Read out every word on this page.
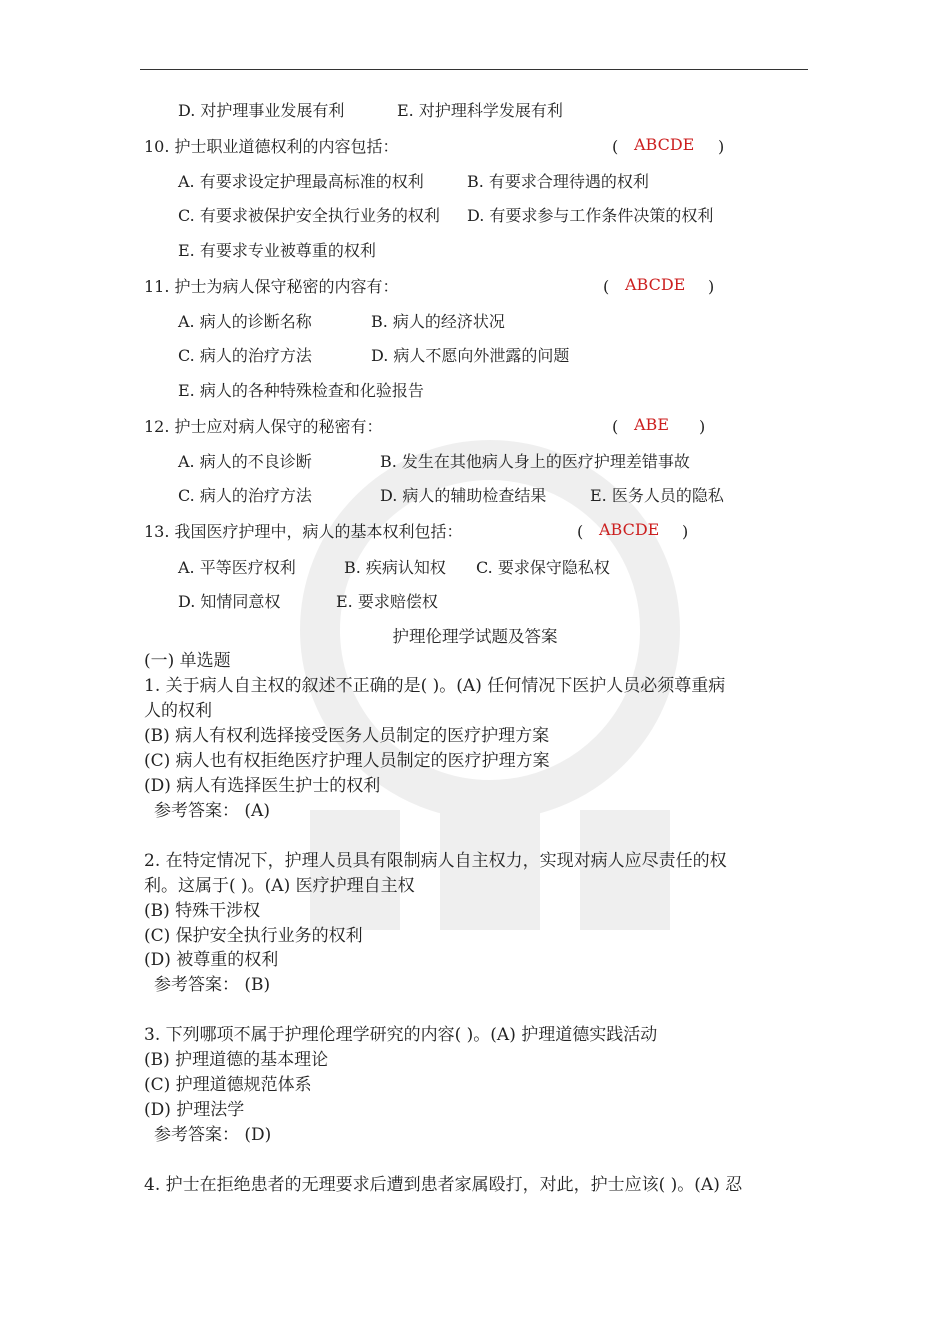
D. 对护理事业发展有利	E. 对护理科学发展有利
10. 护士职业道德权利的内容包括：	( ABCDE )
A. 有要求设定护理最高标准的权利	B. 有要求合理待遇的权利
C. 有要求被保护安全执行业务的权利 D. 有要求参与工作条件决策的权利
E. 有要求专业被尊重的权利
11. 护士为病人保守秘密的内容有：	( ABCDE )
A. 病人的诊断名称	B. 病人的经济状况
C. 病人的治疗方法	D. 病人不愿向外泄露的问题
E. 病人的各种特殊检查和化验报告
12. 护士应对病人保守的秘密有：	( ABE )
A. 病人的不良诊断	B. 发生在其他病人身上的医疗护理差错事故
C. 病人的治疗方法	D. 病人的辅助检查结果	E. 医务人员的隐私
13. 我国医疗护理中，病人的基本权利包括：	( ABCDE )
A. 平等医疗权利	B. 疾病认知权 C. 要求保守隐私权
D. 知情同意权	E. 要求赔偿权
护理伦理学试题及答案
(一) 单选题
1. 关于病人自主权的叙述不正确的是( )。(A) 任何情况下医护人员必须尊重病
人的权利
(B) 病人有权利选择接受医务人员制定的医疗护理方案
(C) 病人也有权拒绝医疗护理人员制定的医疗护理方案
(D) 病人有选择医生护士的权利
参考答案： (A)
2. 在特定情况下，护理人员具有限制病人自主权力，实现对病人应尽责任的权
利。这属于( )。(A) 医疗护理自主权
(B) 特殊干涉权
(C) 保护安全执行业务的权利
(D) 被尊重的权利
参考答案： (B)
3. 下列哪项不属于护理伦理学研究的内容( )。(A) 护理道德实践活动
(B) 护理道德的基本理论
(C) 护理道德规范体系
(D) 护理法学
参考答案： (D)
4. 护士在拒绝患者的无理要求后遭到患者家属殴打，对此，护士应该( )。(A) 忍
